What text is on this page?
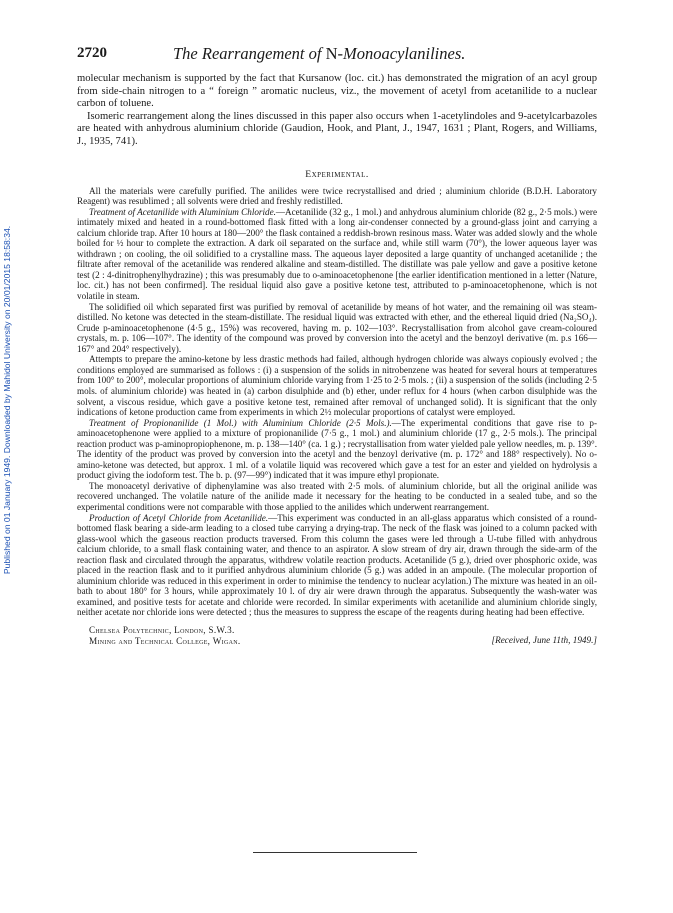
Published on 01 January 1949. Downloaded by Mahidol University on 20/01/2015 18:58:34.
2720	The Rearrangement of N-Monoacylanilines.

molecular mechanism is supported by the fact that Kursanow (loc. cit.) has demonstrated the migration of an acyl group from side-chain nitrogen to a “ foreign ” aromatic nucleus, viz., the movement of acetyl from acetanilide to a nuclear carbon of toluene.

Isomeric rearrangement along the lines discussed in this paper also occurs when 1-acetylindoles and 9-acetylcarbazoles are heated with anhydrous aluminium chloride (Gaudion, Hook, and Plant, J., 1947, 1631 ; Plant, Rogers, and Williams, J., 1935, 741).

Experimental.

All the materials were carefully purified. The anilides were twice recrystallised and dried ; aluminium chloride (B.D.H. Laboratory Reagent) was resublimed ; all solvents were dried and freshly redistilled.

Treatment of Acetanilide with Aluminium Chloride.—Acetanilide (32 g., 1 mol.) and anhydrous aluminium chloride (82 g., 2·5 mols.) were intimately mixed and heated in a round-bottomed flask fitted with a long air-condenser connected by a ground-glass joint and carrying a calcium chloride trap. After 10 hours at 180—200° the flask contained a reddish-brown resinous mass. Water was added slowly and the whole boiled for ½ hour to complete the extraction. A dark oil separated on the surface and, while still warm (70°), the lower aqueous layer was withdrawn ; on cooling, the oil solidified to a crystalline mass. The aqueous layer deposited a large quantity of unchanged acetanilide ; the filtrate after removal of the acetanilide was rendered alkaline and steam-distilled. The distillate was pale yellow and gave a positive ketone test (2 : 4-dinitrophenylhydrazine) ; this was presumably due to o-aminoacetophenone [the earlier identification mentioned in a letter (Nature, loc. cit.) has not been confirmed]. The residual liquid also gave a positive ketone test, attributed to p-aminoacetophenone, which is not volatile in steam.

The solidified oil which separated first was purified by removal of acetanilide by means of hot water, and the remaining oil was steam-distilled. No ketone was detected in the steam-distillate. The residual liquid was extracted with ether, and the ethereal liquid dried (Na₂SO₄). Crude p-aminoacetophenone (4·5 g., 15%) was recovered, having m. p. 102—103°. Recrystallisation from alcohol gave cream-coloured crystals, m. p. 106—107°. The identity of the compound was proved by conversion into the acetyl and the benzoyl derivative (m. p.s 166—167° and 204° respectively).

Attempts to prepare the amino-ketone by less drastic methods had failed, although hydrogen chloride was always copiously evolved ; the conditions employed are summarised as follows : (i) a suspension of the solids in nitrobenzene was heated for several hours at temperatures from 100° to 200°, molecular proportions of aluminium chloride varying from 1·25 to 2·5 mols. ; (ii) a suspension of the solids (including 2·5 mols. of aluminium chloride) was heated in (a) carbon disulphide and (b) ether, under reflux for 4 hours (when carbon disulphide was the solvent, a viscous residue, which gave a positive ketone test, remained after removal of unchanged solid). It is significant that the only indications of ketone production came from experiments in which 2½ molecular proportions of catalyst were employed.

Treatment of Propionanilide (1 Mol.) with Aluminium Chloride (2·5 Mols.).—The experimental conditions that gave rise to p-aminoacetophenone were applied to a mixture of propionanilide (7·5 g., 1 mol.) and aluminium chloride (17 g., 2·5 mols.). The principal reaction product was p-aminopropiophenone, m. p. 138—140° (ca. 1 g.) ; recrystallisation from water yielded pale yellow needles, m. p. 139°. The identity of the product was proved by conversion into the acetyl and the benzoyl derivative (m. p. 172° and 188° respectively). No o-amino-ketone was detected, but approx. 1 ml. of a volatile liquid was recovered which gave a test for an ester and yielded on hydrolysis a product giving the iodoform test. The b. p. (97—99°) indicated that it was impure ethyl propionate.

The monoacetyl derivative of diphenylamine was also treated with 2·5 mols. of aluminium chloride, but all the original anilide was recovered unchanged. The volatile nature of the anilide made it necessary for the heating to be conducted in a sealed tube, and so the experimental conditions were not comparable with those applied to the anilides which underwent rearrangement.

Production of Acetyl Chloride from Acetanilide.—This experiment was conducted in an all-glass apparatus which consisted of a round-bottomed flask bearing a side-arm leading to a closed tube carrying a drying-trap. The neck of the flask was joined to a column packed with glass-wool which the gaseous reaction products traversed. From this column the gases were led through a U-tube filled with anhydrous calcium chloride, to a small flask containing water, and thence to an aspirator. A slow stream of dry air, drawn through the side-arm of the reaction flask and circulated through the apparatus, withdrew volatile reaction products. Acetanilide (5 g.), dried over phosphoric oxide, was placed in the reaction flask and to it purified anhydrous aluminium chloride (5 g.) was added in an ampoule. (The molecular proportion of aluminium chloride was reduced in this experiment in order to minimise the tendency to nuclear acylation.) The mixture was heated in an oil-bath to about 180° for 3 hours, while approximately 10 l. of dry air were drawn through the apparatus. Subsequently the wash-water was examined, and positive tests for acetate and chloride were recorded. In similar experiments with acetanilide and aluminium chloride singly, neither acetate nor chloride ions were detected ; thus the measures to suppress the escape of the reagents during heating had been effective.

Chelsea Polytechnic, London, S.W.3.
Mining and Technical College, Wigan.	[Received, June 11th, 1949.]
